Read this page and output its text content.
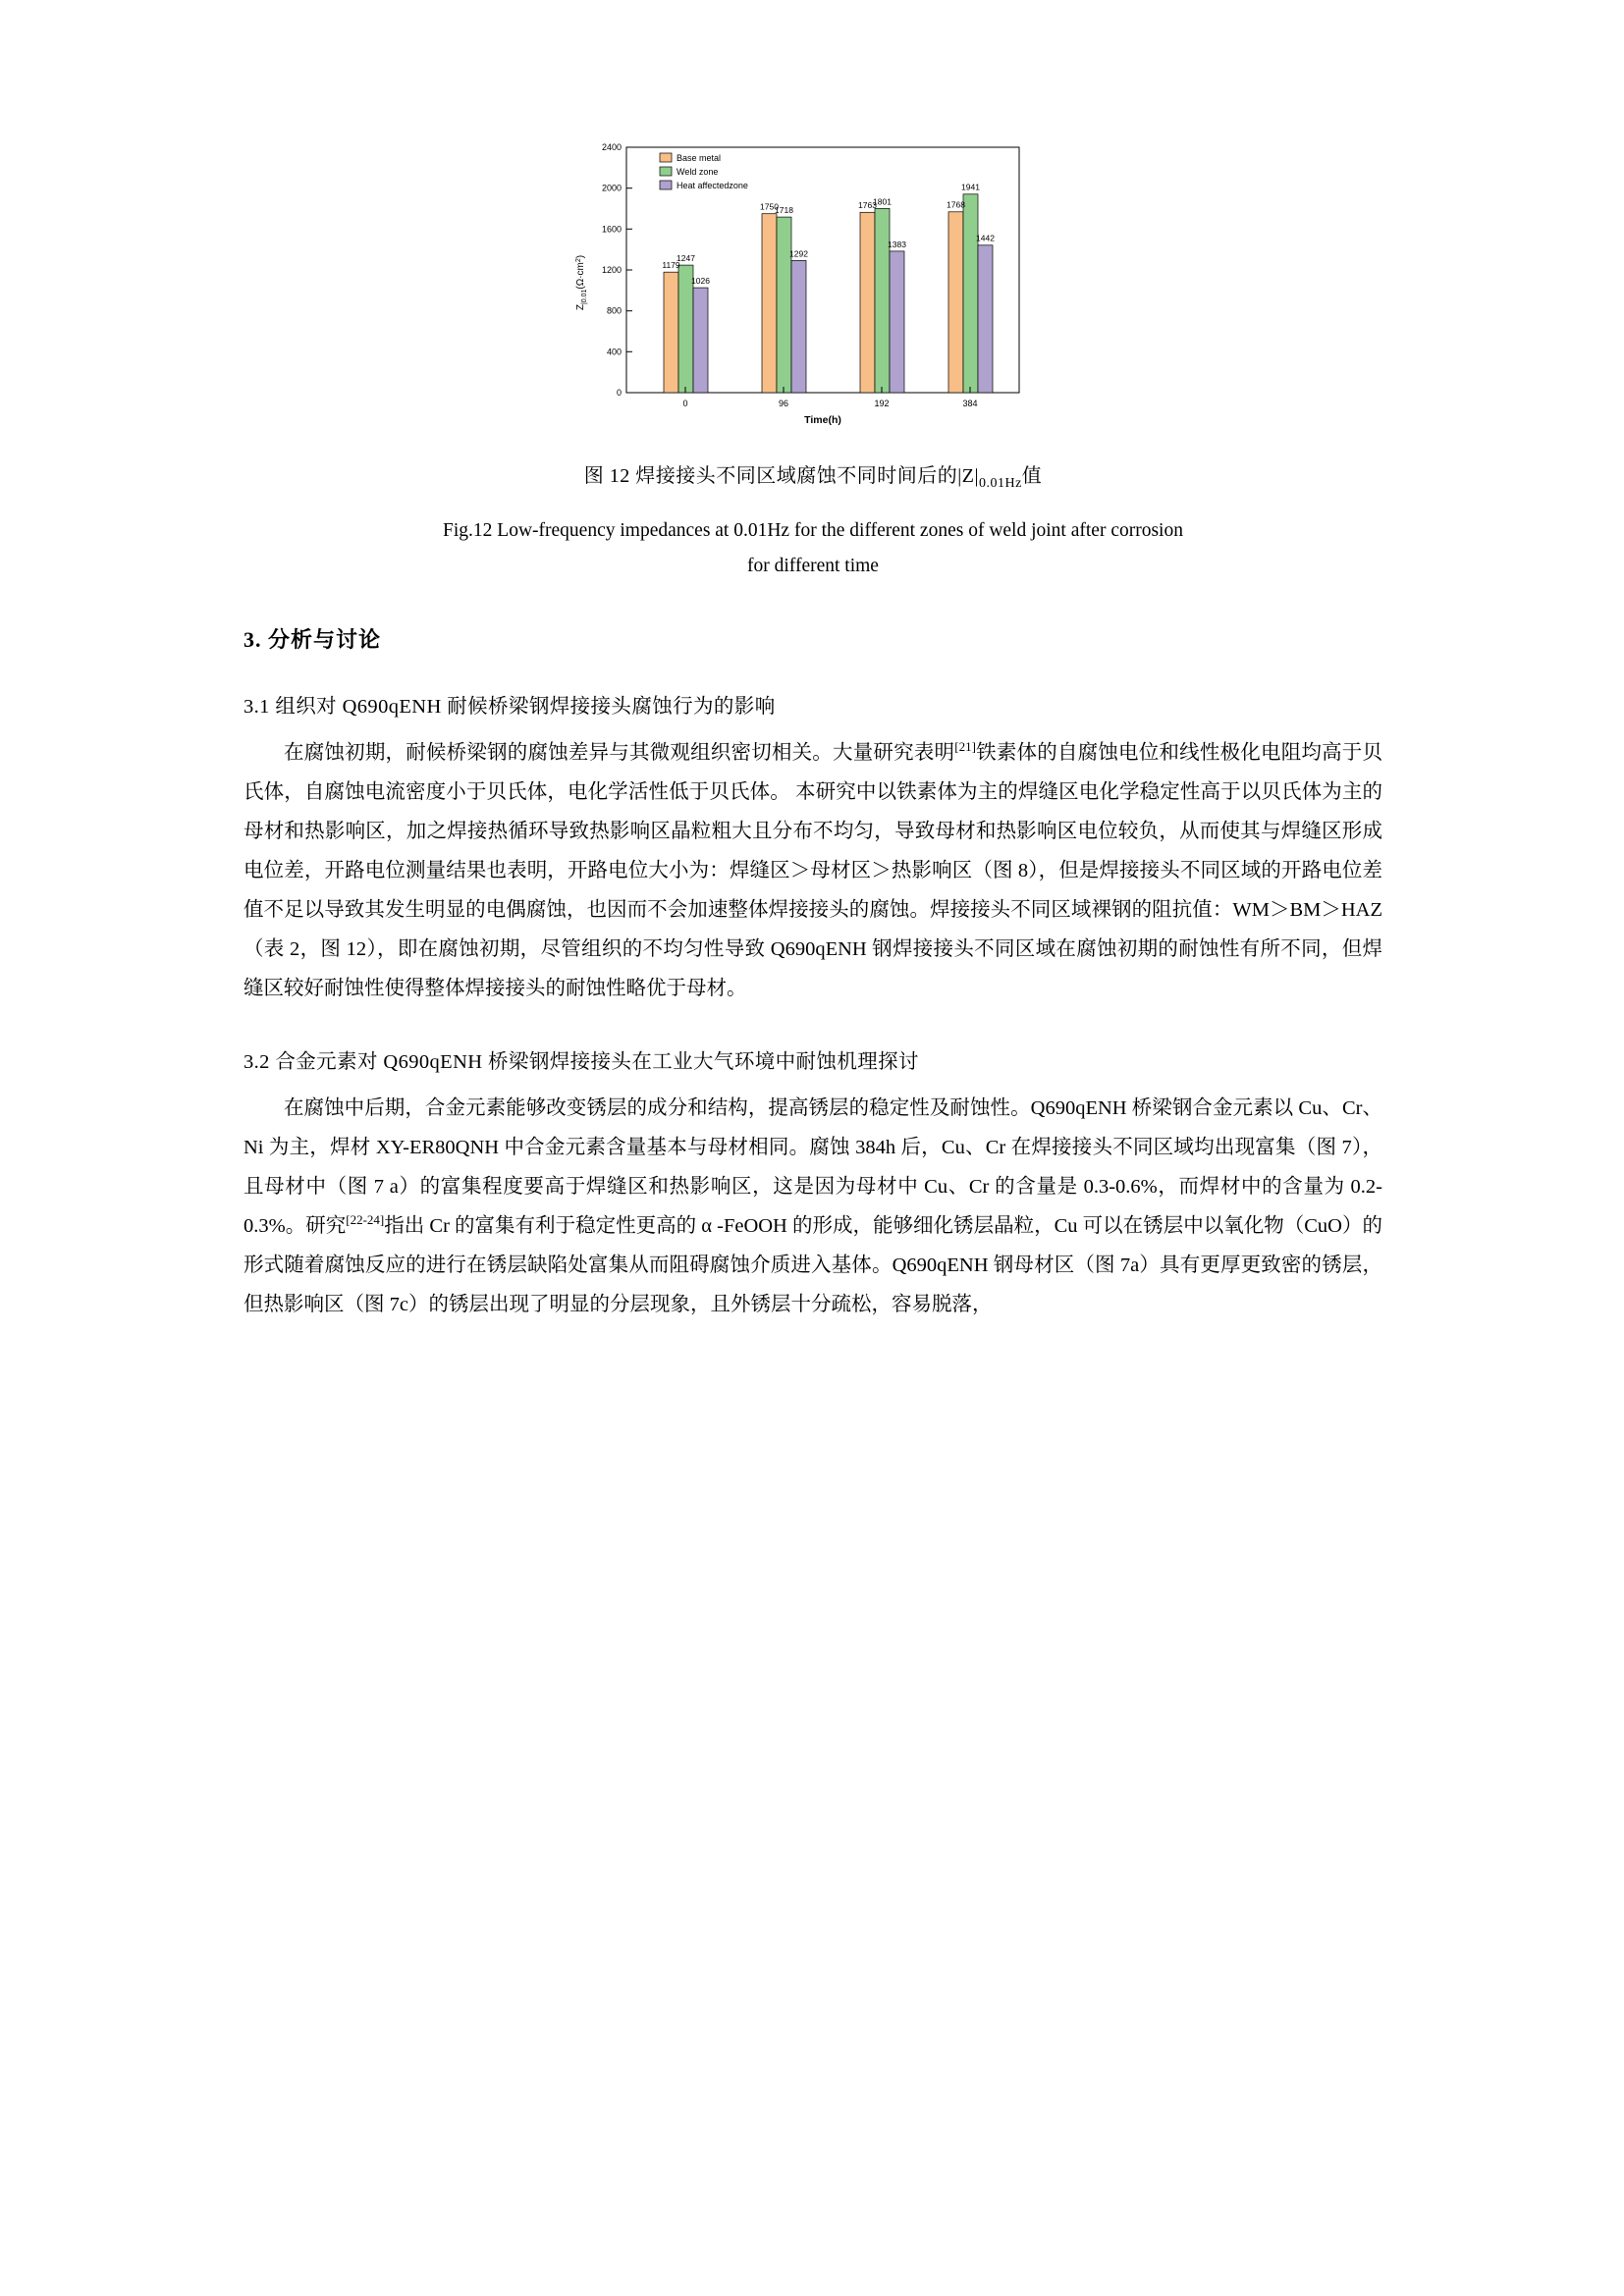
0
400
800
1200
1600
2000
2400
$Z_{|0.01}(\Omega\cdot cm^2)$
1179
1247
1026
1750
1718
1292
1763
1801
1383
1768
1941
1442
0	96	192	384
Time(h)
Base metal
Weld zone
Heat affectedzone
图 12 焊接接头不同区域腐蚀不同时间后的$|Z|_{0.01Hz}$值
Fig.12 Low-frequency impedances at 0.01Hz for the different zones of weld joint after corrosion
for different time
3. 分析与讨论
3.1 组织对 Q690qENH 耐候桥梁钢焊接接头腐蚀行为的影响

在腐蚀初期，耐候桥梁钢的腐蚀差异与其微观组织密切相关。大量研究表明[21]铁素体的自腐蚀电位和线性极化电阻均高于贝氏体，自腐蚀电流密度小于贝氏体，电化学活性低于贝氏体。 本研究中以铁素体为主的焊缝区电化学稳定性高于以贝氏体为主的母材和热影响区，加之焊接热循环导致热影响区晶粒粗大且分布不均匀，导致母材和热影响区电位较负，从而使其与焊缝区形成电位差，开路电位测量结果也表明，开路电位大小为：焊缝区＞母材区＞热影响区（图 8），但是焊接接头不同区域的开路电位差值不足以导致其发生明显的电偶腐蚀，也因而不会加速整体焊接接头的腐蚀。焊接接头不同区域裸钢的阻抗值：WM＞BM＞HAZ（表 2，图 12），即在腐蚀初期，尽管组织的不均匀性导致 Q690qENH 钢焊接接头不同区域在腐蚀初期的耐蚀性有所不同，但焊缝区较好耐蚀性使得整体焊接接头的耐蚀性略优于母材。

3.2 合金元素对 Q690qENH 桥梁钢焊接接头在工业大气环境中耐蚀机理探讨

在腐蚀中后期，合金元素能够改变锈层的成分和结构，提高锈层的稳定性及耐蚀性。Q690qENH 桥梁钢合金元素以 Cu、Cr、Ni 为主，焊材 XY-ER80QNH 中合金元素含量基本与母材相同。腐蚀 384h 后，Cu、Cr 在焊接接头不同区域均出现富集（图 7），且母材中（图 7 a）的富集程度要高于焊缝区和热影响区，这是因为母材中 Cu、Cr 的含量是 0.3-0.6%，而焊材中的含量为 0.2-0.3%。研究[22-24]指出 Cr 的富集有利于稳定性更高的 α -FeOOH 的形成，能够细化锈层晶粒，Cu 可以在锈层中以氧化物（CuO）的形式随着腐蚀反应的进行在锈层缺陷处富集从而阻碍腐蚀介质进入基体。Q690qENH 钢母材区（图 7a）具有更厚更致密的锈层，但热影响区（图 7c）的锈层出现了明显的分层现象，且外锈层十分疏松，容易脱落，
